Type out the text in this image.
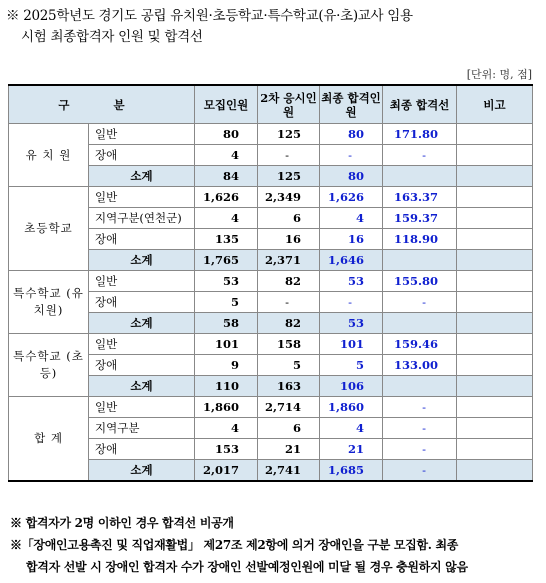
※ 2025학년도 경기도 공립 유치원·초등학교·특수학교(유·초)교사 임용
시험 최종합격자 인원 및 합격선
[단위: 명, 점]
구 분		모집인원	2차 응시인원	최종 합격인원	최종 합격선	비고
유 치 원	일반	80	125	80	171.80	
	장애	4	-	-	-	
	소계	84	125	80		
초등학교	일반	1,626	2,349	1,626	163.37	
	지역구분(연천군)	4	6	4	159.37	
	장애	135	16	16	118.90	
	소계	1,765	2,371	1,646		
특수학교 (유치원)	일반	53	82	53	155.80	
	장애	5	-	-	-	
	소계	58	82	53		
특수학교 (초등)	일반	101	158	101	159.46	
	장애	9	5	5	133.00	
	소계	110	163	106		
합 계	일반	1,860	2,714	1,860	-	
	지역구분	4	6	4	-	
	장애	153	21	21	-	
	소계	2,017	2,741	1,685	-	
※ 합격자가 2명 이하인 경우 합격선 비공개
※「장애인고용촉진 및 직업재활법」 제27조 제2항에 의거 장애인을 구분 모집함. 최종
합격자 선발 시 장애인 합격자 수가 장애인 선발예정인원에 미달 될 경우 충원하지 않음
